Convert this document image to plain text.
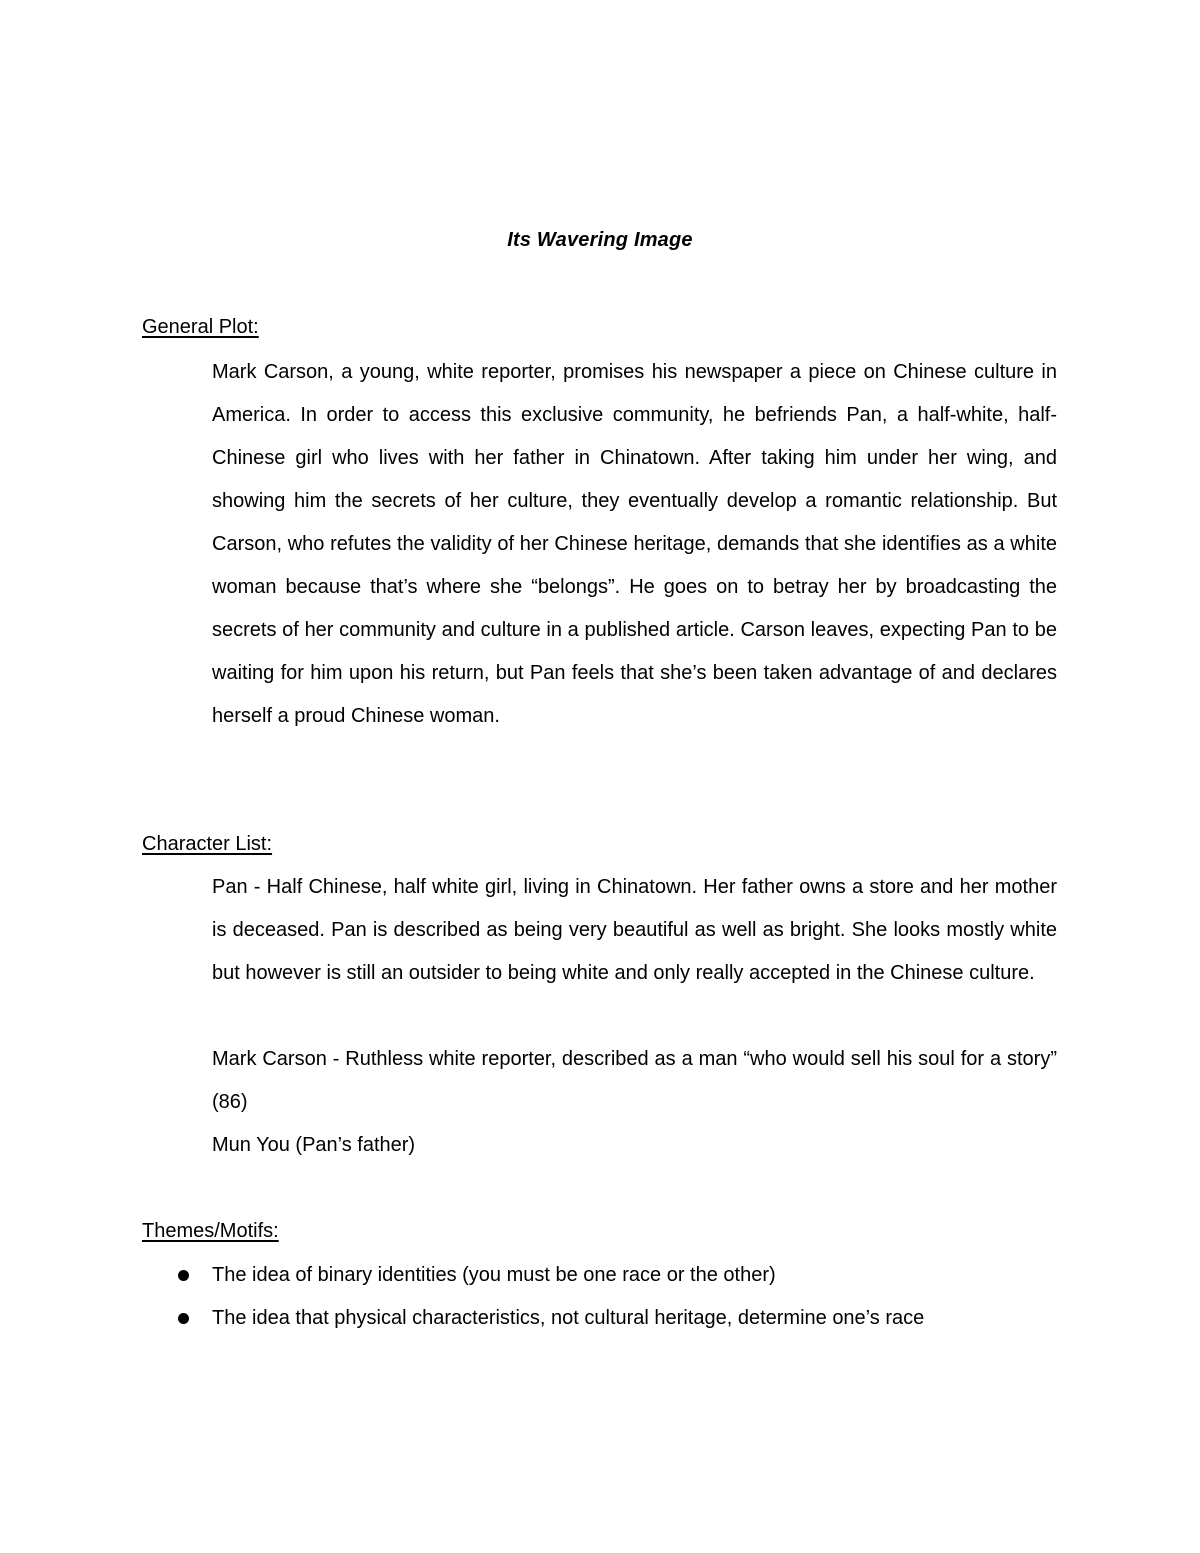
Its Wavering Image
General Plot:

Mark Carson, a young, white reporter, promises his newspaper a piece on Chinese culture in America. In order to access this exclusive community, he befriends Pan, a half-white, half-Chinese girl who lives with her father in Chinatown. After taking him under her wing, and showing him the secrets of her culture, they eventually develop a romantic relationship. But Carson, who refutes the validity of her Chinese heritage, demands that she identifies as a white woman because that’s where she “belongs”. He goes on to betray her by broadcasting the secrets of her community and culture in a published article. Carson leaves, expecting Pan to be waiting for him upon his return, but Pan feels that she’s been taken advantage of and declares herself a proud Chinese woman.

Character List:

Pan - Half Chinese, half white girl, living in Chinatown. Her father owns a store and her mother is deceased. Pan is described as being very beautiful as well as bright. She looks mostly white but however is still an outsider to being white and only really accepted in the Chinese culture.

Mark Carson - Ruthless white reporter, described as a man “who would sell his soul for a story” (86)

Mun You (Pan’s father)

Themes/Motifs:
The idea of binary identities (you must be one race or the other)
The idea that physical characteristics, not cultural heritage, determine one’s race
